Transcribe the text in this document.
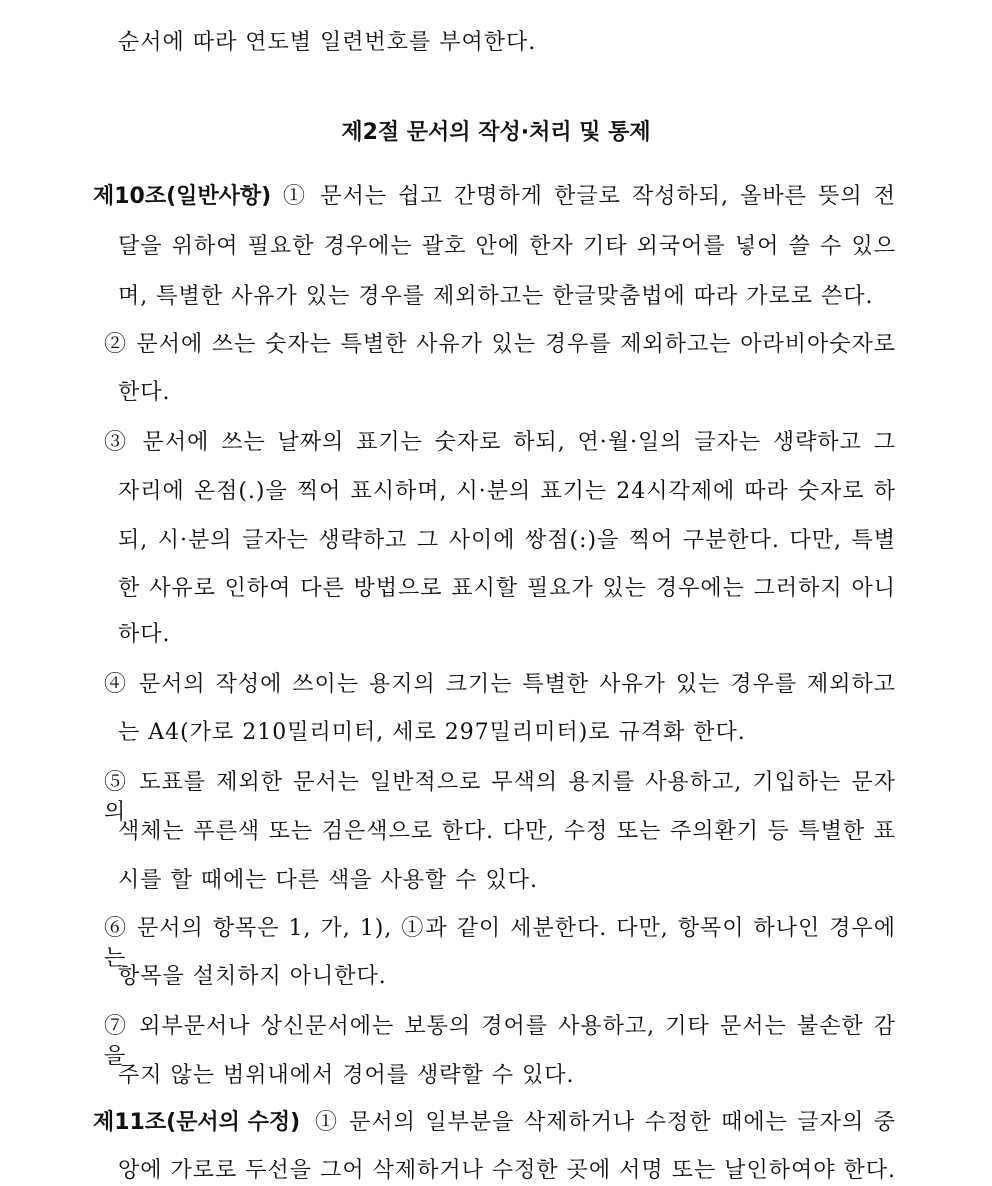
순서에 따라 연도별 일련번호를 부여한다.
제2절 문서의 작성·처리 및 통제
제10조(일반사항) ① 문서는 쉽고 간명하게 한글로 작성하되, 올바른 뜻의 전
달을 위하여 필요한 경우에는 괄호 안에 한자 기타 외국어를 넣어 쓸 수 있으
며, 특별한 사유가 있는 경우를 제외하고는 한글맞춤법에 따라 가로로 쓴다.
② 문서에 쓰는 숫자는 특별한 사유가 있는 경우를 제외하고는 아라비아숫자로
한다.
③ 문서에 쓰는 날짜의 표기는 숫자로 하되, 연·월·일의 글자는 생략하고 그
자리에 온점(.)을 찍어 표시하며, 시·분의 표기는 24시각제에 따라 숫자로 하
되, 시·분의 글자는 생략하고 그 사이에 쌍점(:)을 찍어 구분한다. 다만, 특별
한 사유로 인하여 다른 방법으로 표시할 필요가 있는 경우에는 그러하지 아니
하다.
④ 문서의 작성에 쓰이는 용지의 크기는 특별한 사유가 있는 경우를 제외하고
는 A4(가로 210밀리미터, 세로 297밀리미터)로 규격화 한다.
⑤ 도표를 제외한 문서는 일반적으로 무색의 용지를 사용하고, 기입하는 문자의
색체는 푸른색 또는 검은색으로 한다. 다만, 수정 또는 주의환기 등 특별한 표
시를 할 때에는 다른 색을 사용할 수 있다.
⑥ 문서의 항목은 1, 가, 1), ①과 같이 세분한다. 다만, 항목이 하나인 경우에는
항목을 설치하지 아니한다.
⑦ 외부문서나 상신문서에는 보통의 경어를 사용하고, 기타 문서는 불손한 감을
주지 않는 범위내에서 경어를 생략할 수 있다.
제11조(문서의 수정) ① 문서의 일부분을 삭제하거나 수정한 때에는 글자의 중
앙에 가로로 두선을 그어 삭제하거나 수정한 곳에 서명 또는 날인하여야 한다.
